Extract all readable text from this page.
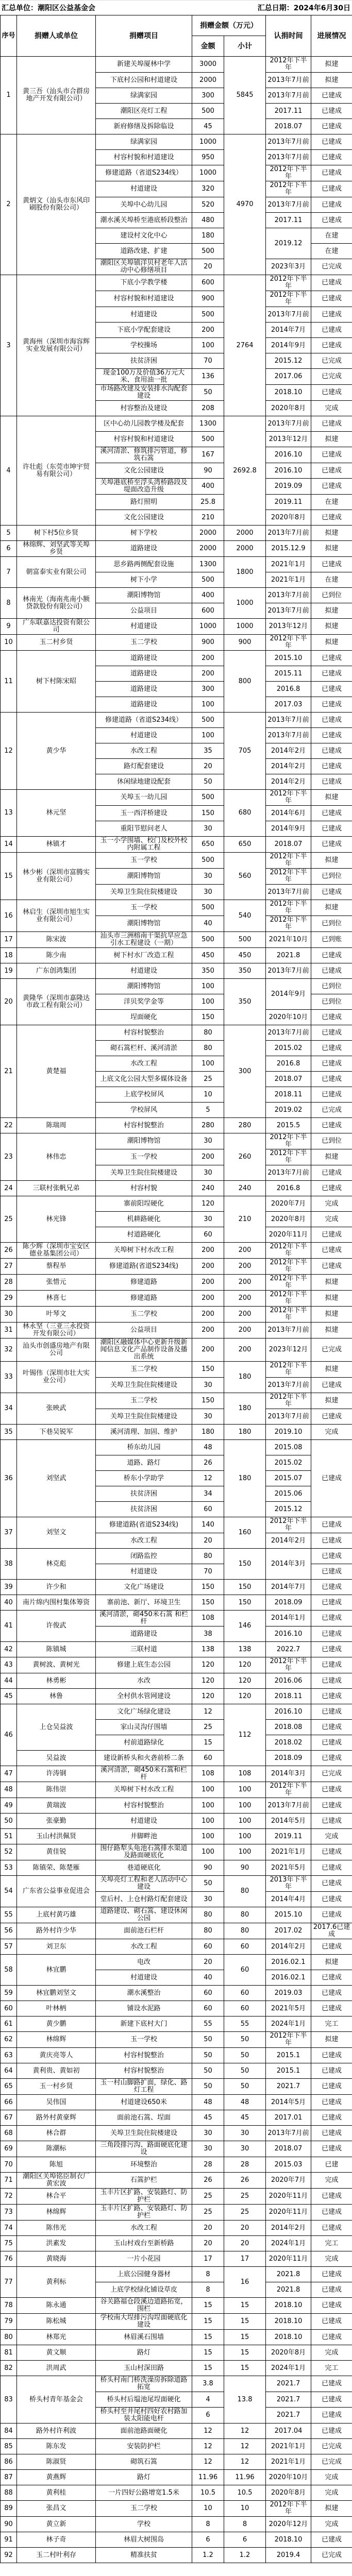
汇总单位：潮阳区公益基金会	汇总日期：2024年6月30日
序号	捐赠人或单位	捐赠项目	捐赠金额（万元）		认捐时间	进展情况
			金额	小计		
1	黄三吾（汕头市合群房地产开发有限公司）	新建关埠厦林中学	3000	5845	2012年下半年	拟建
		下底村公园和村道建设	2000		2013年7月前	拟建
		绿满家园	300		2013年7月前	已建成
		潮阳区亮灯工程	500		2017.11	已建成
		新府修缮及拆除临设	45		2018.07	已建成
2	黄炳文（汕头市东风印刷股份有限公司）	绿满家园	1000	4970	2013年7月前	已建成
		村容村貌和村道建设	950		2013年7月前	已建成
		修建道路（省道S234线）	1000		2012年下半年	已建成
		村道建设	320		2012年下半年	已建成
		关埠中心幼儿园	520		2013年7月前	已建成
		潮水溪关埠桥至港底桥段整治	480		2017.11	已建成
		建设村文化中心	180		2019.12	在建
		道路改建、扩建	500			在建
		潮阳区关埠镇洋贝村老年人活动中心修缮项目	20		2023年3月	已完成
3	黄海州（深圳市海容辉实业发展有限公司）	下底小学教学楼	600	2764	2012年下半年	已建成
		村容村貌和村道建设	900		2012年下半年	已建成
		村道建设	500		2013年7月前	已建成
		下底小学配套建设	200		2014年7月	已建成
		学校操场	100		2014年9月	已建成
		扶贫济困	70		2015.12	已完成
		现金100万及价值36万元大米、食用油一批	136		2017.06	已完成
		市场路改建及安装排水沟配套建设	50		2018.10	已建成
		村容整治及建设	208		2020年8月	完成
4	许壮彪（东莞市坤宇贸易有限公司）	区中心幼儿园教学楼及配套	1300	2692.8	2013年7月前	已建成
		村容村貌和村道建设	500		2013年12月	拟建
		溪河清淤、修筑排污管道，修筑石篙	167		2016.10	已建成
		文化公园建设	90		2016.10	已建成
		关埠港底桥至浮头湾桥路段及堤面改造升级	400		2019.09	已建成
		路灯照明	25.8		2019.11	在建
		文化公园建设	210		2020年8月	已建成
5	树下村5位乡贤	树下学校	2000	2000	2013年7月前	拟建
6	林绵辉、刘坚武等关埠乡贤	道路建设	2000	2000	2015.12.9	拟建
7	朝富泰实业有限公司	思乡路两侧配套设施	1300	1800	2021年1月	已建成
		树下小学	500		2021年1月	在建
8	林南光（海南兆南小额贷款股份有限公司）	潮阳博物馆	400	1000	2013年7月前	已到位
		公益项目	600		2013年7月前	拟建
9	广东联嘉达投资有限公司	村道建设	1000	1000	2013年12月	拟建
10	玉二村乡贤	玉二学校	900	900	2012年下半年	拟建
11	树下村陈宋昭	道路建设	200	800	2015.10	已建成
		道路建设	200		2015.11	已建成
		道路建设	300		2016.8	已建成
		道路建设	100		2017.03	已建成
12	黄少华	修建道路（省道S234线）	500	705	2013年7月前	已建成
		村道建设	100		2013年7月前	已建成
		水改工程	35		2014年2月	已建成
		路灯配套建设	20		2014年2月	已建成
		休闲绿地建设配套	50		2014年2月	已建成
13	林元坚	关埠玉一幼儿园	500	680	2012年下半年	拟建
		玉一西洋桥建设	150		2014年6月	已建成
		重阳节慰问老人	30		2014年9月	已建成
14	林镇才	玉一小学围墙、校门及校外校内附属工程	650	650	2018.07	已建成
15	林少彬（深圳市富腾实业有限公司）	玉一学校	500	560	2012年下半年	拟建
		潮阳博物馆	30		2012年下半年	已到位
		关埠卫生院住院楼建设	30		2013年7月前	已建成
16	林启生（深圳市旭生实业有限公司）	玉一学校	500	540	2012年下半年	拟建
		潮阳博物馆	40		2012年下半年	已到位
17	陈宋波	汕头市三洲榕南干渠抗旱应急引水工程建设（一期）	500	500	2021年10月	已到账
18	陈少南	树下村水厂改造工程	450	450	2021.8	已建成
19	广东创鸿集团	村道建设	350	350	2013年7月前	已建成
20	黄隆华（深圳市嘉隆达市政工程有限公司）	潮阳博物馆	100	350	2014年9月	已到位
		洋贝奖学金等	100			已到位
		埕面硬化	150		2020年10月	已建成
21	黄楚福	村容村貌整治	80	300	2013年7月前	已建成
		砌石篙栏杆、溪河清淤	80		2015.02	已建成
		水改工程	100		2016.8	已建成
		上底文化公园大型多媒体设备	25		2018.07	已建成
		上底学校屏风	10		2018.11	已建成
		学校屏风	5		2019.02	已完成
22	陈瑞周	村容村貌整治	280	280	2015.5	已建成
23	林伟忠	潮阳博物馆	30	260	2012年下半年	已到位
		玉一学校	200		2012年下半年	拟建
		关埠卫生院住院楼建设	30		2013年7月前	已建成
24	三联村张帆兄弟	村容村貌	240	240	2016.8	已建成
25	林光锋	寨前阳埕硬化	120	210	2020年7月	完成
		机耕路硬化	30		2020年8月	完成
		村道路硬化	60		2020年11月	已建成
26	陈少辉（深圳市宝安区德业基集团公司）	关埠树下村水改工程	200	200	2012年下半年	已建成
27	蔡程举	修建道路(省道S234线)	200	200	2012年下半年	已建成
28	张惜元	修建道路	200	200	2012年下半年	拟建
29	林喜七	修建道路	200	200	2012年下半年	拟建
30	叶琴文	玉二学校	200	200	2012年下半年	拟建
31	林永坚（三亚三永投资开发有限公司）	公益项目	200	200	2013年7月前	拟建
32	汕头市创盛房地产有限公司	潮阳区融媒体中心更新升级新闻信息文化产品制作设备及播出系统	200	200	2023年12月	已完成
33	叶锡伟（深圳市壮大实业公司）	玉二学校	150	180	2012年下半年	拟建
		关埠卫生院住院楼建设	30		2013年7月前	已建成
34	张映武	玉二学校	150	180	2012年下半年	拟建
		关埠卫生院住院楼建设	30		2013年7月前	已建成
35	下巷吴锐军	溪河清理、加固、维护	180	180	2019.10	完成
36	刘坚武	桥东幼儿园	48	180	2015.08	已建成
		道路、路灯	26		2015.02	
		桥东小学助学	12		2015.07	
		扶贫济困	34		2015.06	
		扶贫济困	60		2015.12	
37	刘坚文	修建道路(省道S234线)	140	160	2012年下半年	已建成
		水改工程	20		2014年2月	已建成
38	林克彪	闭路监控	80	150	2014年3月	已建成
		村道建设	70			已建成
39	许少和	文化广场建设	150	150	2014年7月	已建成
40	南片绵内围村集体筹资	寨前池、新厅、环境卫生	150	150	2018.09	已建成
41	许俊武	溪河清淤，砌450米石篙 和栏杆	108	146	2014年1月	已建成
		道路建设	38		2016.10	已建成
42	陈镇城	三联村道	138	138	2022.7	已建成
43	黄树波、黄树光	修建上底生态公园	120	120	2012年下半年	已建成
44	林勇彬	水改	120	120	2016.06	已建成
45	林鲁	全村供水管网建设	120	120	2018.11	已建成
46	上仓吴益波	文化广场绿化建设	12	112	2016.10	已建成
		家山灵沟仔围墙	25		2018.08	已建成
		村前道路绿化	15		2018.02	已建成
	吴益波	建设新桥头和火砻前桥二条	60		2018.09	已建成
47	许涛钢	溪河清淤，砌450米石篙和栏杆	108	108	2014年3月	已完成
48	陈伟崇	关埠树下村水改工程	100	100	2012年下半年	已建成
49	黄瑞波	村容村貌整治	100	100	2013年7月前	已建成
50	张豪勤	村道建设	100	100	2014年5月	已建成
51	玉山村洪佩贤	井脚畔池	100	100	2019.11	完成
52	黄佳锐	围仔路犁头龟池石篙排水渠道及路面硬底化	100	100	2021年1月	已建成
53	陈镇荣、陈楚雁	巷道硬底化	90	90	2021年5月	已建成
54	广东省公益事业促进会	关埠亮灯工程和老人活动中心建设	50	80	2013年下半年	已建成
		堂后村、上仓村路灯配套建设	30		2014年4月	已建成
55	上底村黄巧雄	道路建设、砌石篙、建设休闲公园	80	80	2015.10	已建成
56	路外村许少华	面前池石栏杆	80	80	2017.02	2017.6已建成
57	刘卫东	水改工程	60	60	2014年2月	已建成
58	林宜鹏	电改	20	60	2016.02.1	拟建
		村道建设	40		2016.02.1	已建成
59	林宜鹏刘坚文	潮水溪整治	60	60	2019.03	已建成
60	叶林柄	铺设水泥路	60	60	2021年5月	已建成
61	黄少鹏	新建下底村大门	55	55	2024年1月	完工
62	林绵辉	玉一学校	50	50	2012年下半年	拟建
63	黄庆亮等人	村容村貌整治	50	50	2015.1	已建成
64	黄利贵、黄如初	村容村貌整治	50	50	2015.1	已建成
65	玉一村乡贤	玉一村山脚路扩面，绿化、路灯工程	50	50	2021.7	已建成
66	吴伟国	村道建设650米	48	48	2014年5月	已建成
67	路外村黄豪辉	面前池石篙、埕面	45	45	2017.01	已建成
68	林合群	关埠卫生院住院楼建设	30	30	2013年7月前	已建成
69	陈潮标	三角段排污沟、路面硬底化建设	30	30	2018.07	已建成
70	陈旭	环境整治	28	28	2015.03	已建
71	潮阳区关埠铭臣制衣厂黄宏波	石篙护栏	26	26	2020年7月	完成
72	林合平	玉丰片区扩路、安装路灯、防护栏	25	25	2020年11月	已建成
73	林绵辉	玉丰片区扩路、安装路灯、防护栏	25	25	2020年11月	已建成
74	陈伟光	水改工程	20	20	2014年2月	已建成
75	洪素发	玉山村戏台至新桥路	20	20	2024年1月	完工
76	黄晓海	一片小花园	17	17	2020年11月	完成
77	黄利标	上底公园健身器材	8	16	2021.8	已建成
		上底学校绿化铺设草皮	8		2021.8	已建成
78	陈永通	谷关路福仓段溪边道路拓宽，围栏	15	15	2018.10	已建成
79	陈松城	学校南大埕排污沟埕面硬底化建设	15	15	2018.10	已建成
80	林郑光	林眉溪石围墙	15	15	2018.10	已建成
81	黄文顺	路灯	15	15	2020年8月	完成
82	洪周武	玉山村深田路	15	15	2024年1月	完工
83	桥头村青年基金会	桥头村南门桥洗澡房拆除道路拓宽	3.8	13.8	2021.7	已建成
		桥头村后塭池尾埕面硬化	4		2021.7	已建成
		桥头村至井尾村四好农村路加装太阳能电杆	6		2021.7	已建成
84	路外村许利波	面前池路面硬化	12	12	2017.04	已建成
85	陈东发	安装防护栏	12	12	2021年1月	已完成
86	陈淑贤	砌筑石篙	12	12	2021年1月	已完成
87	黄燕辉	路灯	11.96	11.96	2020年10月	完成
88	黄利桂	一片四好公路增宽1.5米	10.5	10.5	2020年8月	完成
89	张昌文	玉二学校	10	10	2012年下半年	拟建
90	黄立新	学校	8	8	2020年12月	完成
91	林子奇	林眉大树围岛	6	6	2018.10	已建成
92	玉二村叶利存	精准扶贫	1.2	1.2	2019.4	已完成
